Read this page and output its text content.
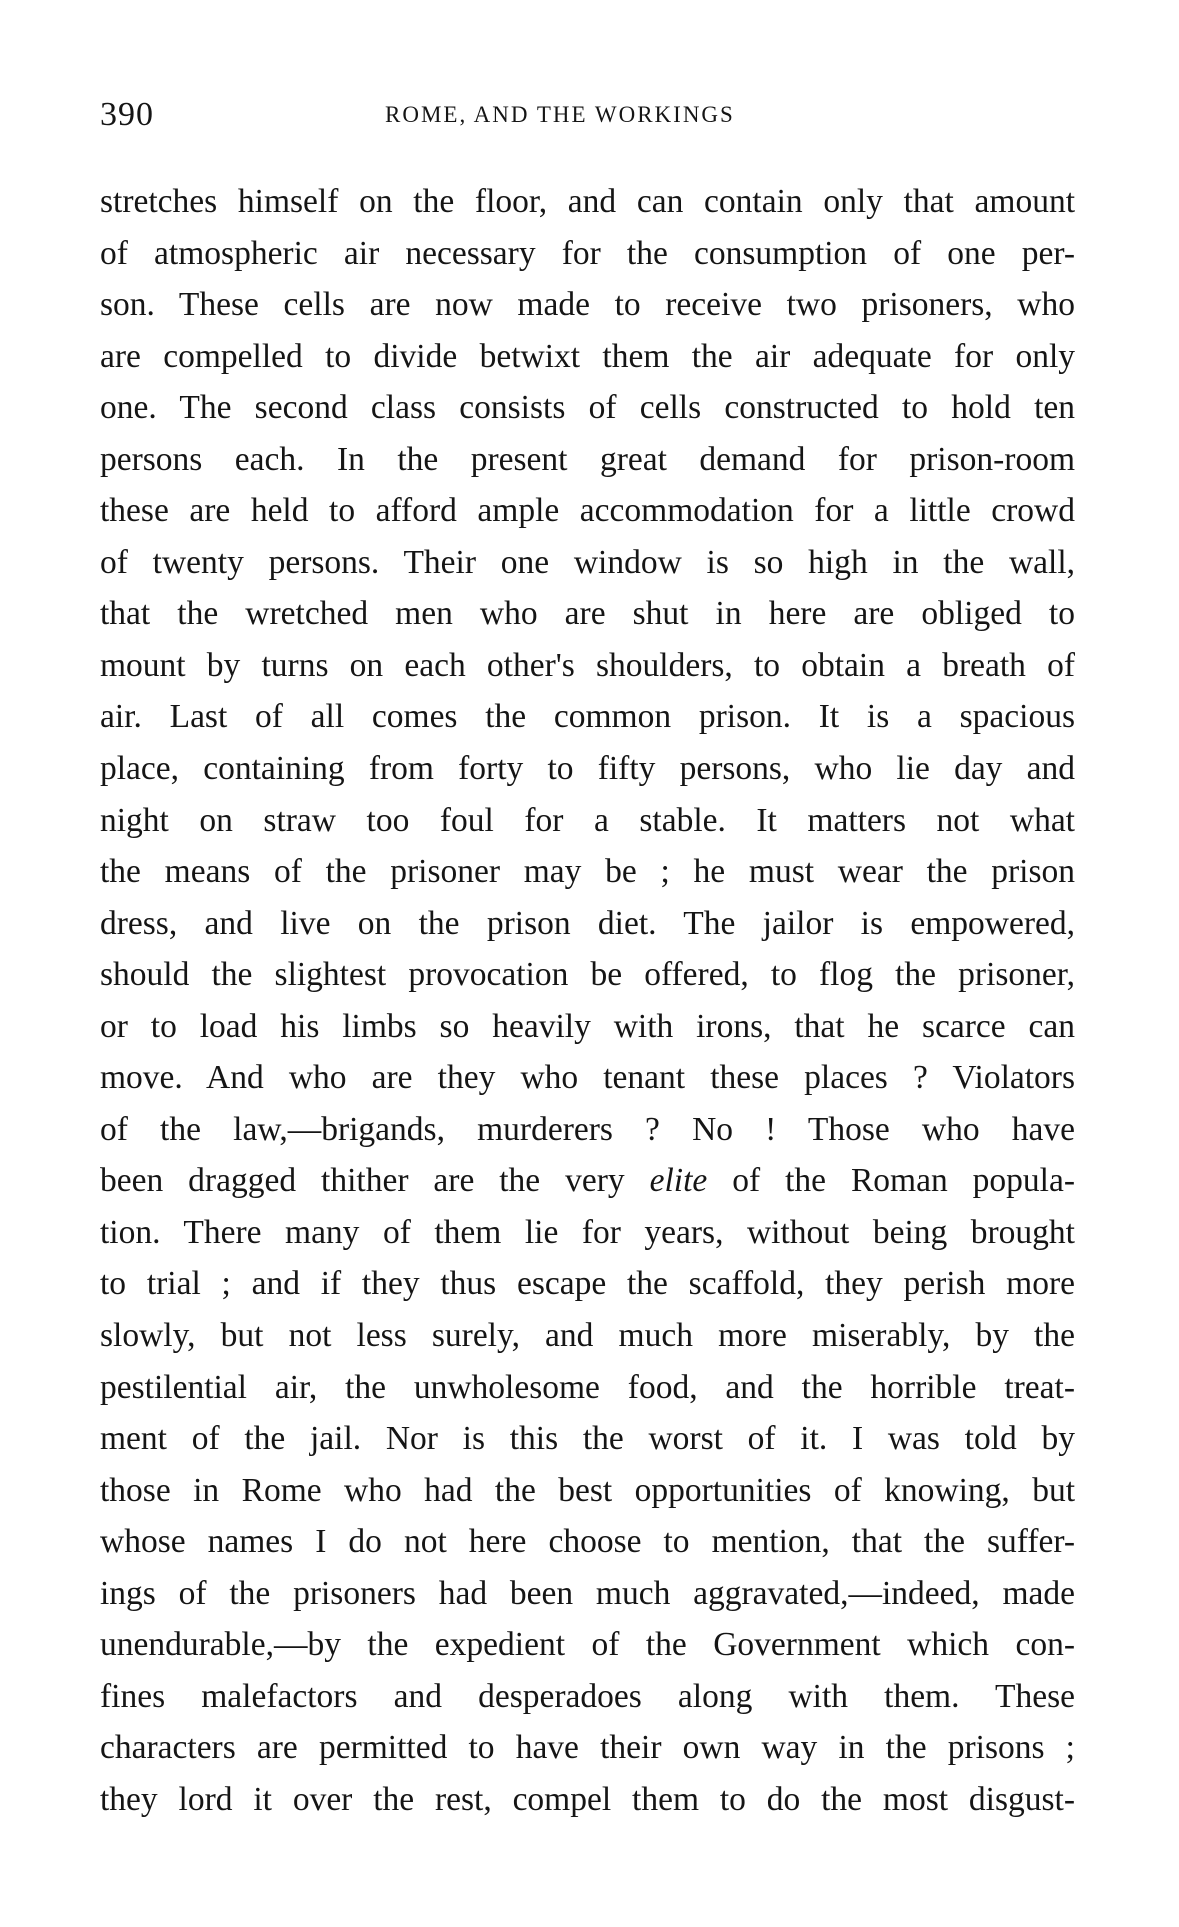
390	ROME, AND THE WORKINGS
stretches himself on the floor, and can contain only that amount
of atmospheric air necessary for the consumption of one per-
son. These cells are now made to receive two prisoners, who
are compelled to divide betwixt them the air adequate for only
one. The second class consists of cells constructed to hold ten
persons each. In the present great demand for prison-room
these are held to afford ample accommodation for a little crowd
of twenty persons. Their one window is so high in the wall,
that the wretched men who are shut in here are obliged to
mount by turns on each other's shoulders, to obtain a breath of
air. Last of all comes the common prison. It is a spacious
place, containing from forty to fifty persons, who lie day and
night on straw too foul for a stable. It matters not what
the means of the prisoner may be ; he must wear the prison
dress, and live on the prison diet. The jailor is empowered,
should the slightest provocation be offered, to flog the prisoner,
or to load his limbs so heavily with irons, that he scarce can
move. And who are they who tenant these places ? Violators
of the law,—brigands, murderers ? No ! Those who have
been dragged thither are the very elite of the Roman popula-
tion. There many of them lie for years, without being brought
to trial ; and if they thus escape the scaffold, they perish more
slowly, but not less surely, and much more miserably, by the
pestilential air, the unwholesome food, and the horrible treat-
ment of the jail. Nor is this the worst of it. I was told by
those in Rome who had the best opportunities of knowing, but
whose names I do not here choose to mention, that the suffer-
ings of the prisoners had been much aggravated,—indeed, made
unendurable,—by the expedient of the Government which con-
fines malefactors and desperadoes along with them. These
characters are permitted to have their own way in the prisons ;
they lord it over the rest, compel them to do the most disgust-
